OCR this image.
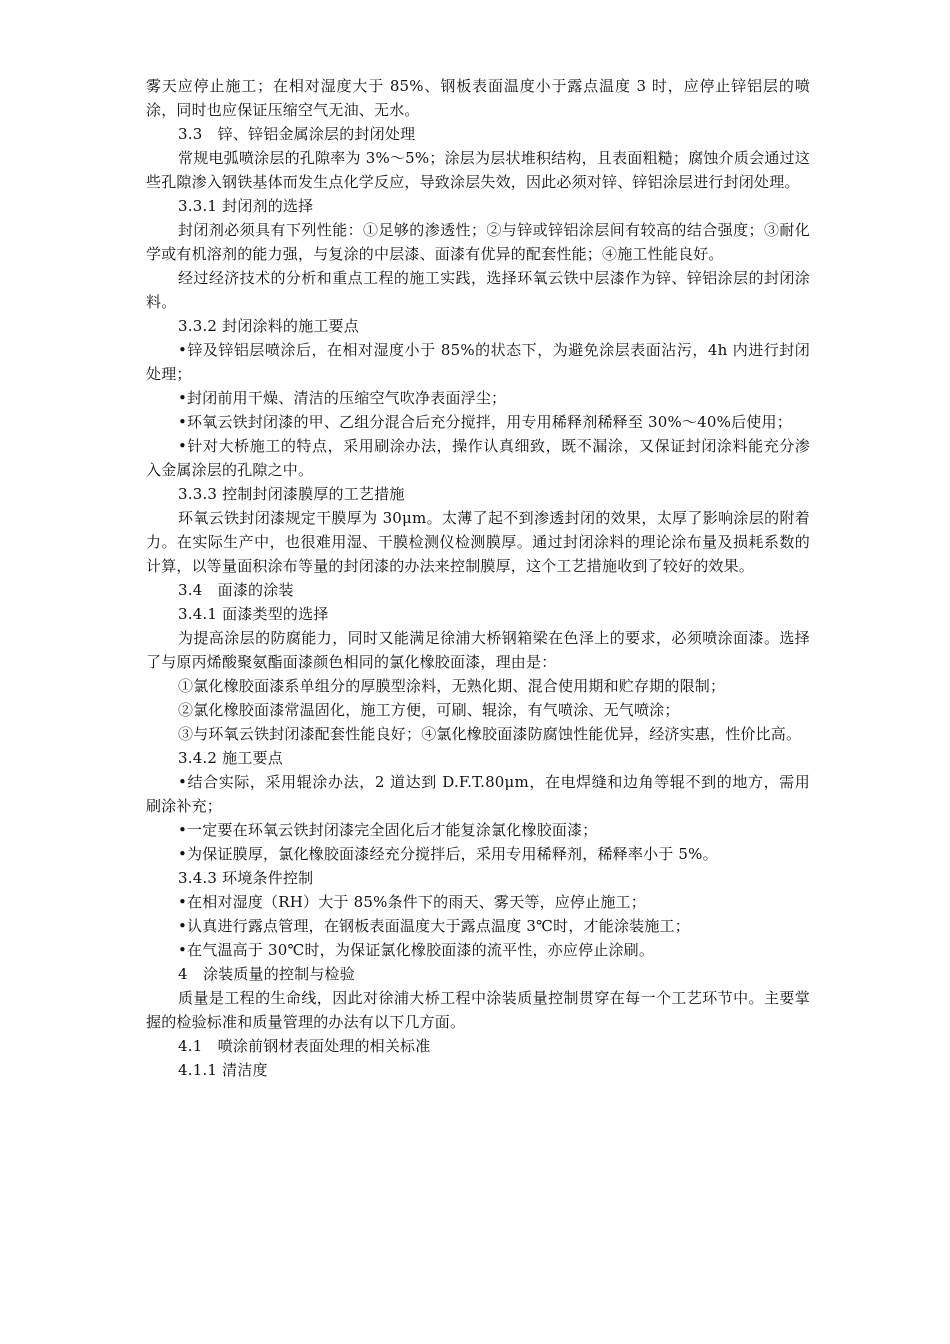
雾天应停止施工；在相对湿度大于 85%、钢板表面温度小于露点温度 3 时，应停止锌铝层的喷涂，同时也应保证压缩空气无油、无水。

3.3　锌、锌铝金属涂层的封闭处理

常规电弧喷涂层的孔隙率为 3%～5%；涂层为层状堆积结构，且表面粗糙；腐蚀介质会通过这些孔隙渗入钢铁基体而发生点化学反应，导致涂层失效，因此必须对锌、锌铝涂层进行封闭处理。

3.3.1 封闭剂的选择

封闭剂必须具有下列性能：①足够的渗透性；②与锌或锌铝涂层间有较高的结合强度；③耐化学或有机溶剂的能力强，与复涂的中层漆、面漆有优异的配套性能；④施工性能良好。

经过经济技术的分析和重点工程的施工实践，选择环氧云铁中层漆作为锌、锌铝涂层的封闭涂料。

3.3.2 封闭涂料的施工要点

•锌及锌铝层喷涂后，在相对湿度小于 85%的状态下，为避免涂层表面沾污，4h 内进行封闭处理；

•封闭前用干燥、清洁的压缩空气吹净表面浮尘；

•环氧云铁封闭漆的甲、乙组分混合后充分搅拌，用专用稀释剂稀释至 30%～40%后使用；

•针对大桥施工的特点，采用刷涂办法，操作认真细致，既不漏涂，又保证封闭涂料能充分渗入金属涂层的孔隙之中。

3.3.3 控制封闭漆膜厚的工艺措施

环氧云铁封闭漆规定干膜厚为 30μm。太薄了起不到渗透封闭的效果，太厚了影响涂层的附着力。在实际生产中，也很难用湿、干膜检测仪检测膜厚。通过封闭涂料的理论涂布量及损耗系数的计算，以等量面积涂布等量的封闭漆的办法来控制膜厚，这个工艺措施收到了较好的效果。

3.4　面漆的涂装

3.4.1 面漆类型的选择

为提高涂层的防腐能力，同时又能满足徐浦大桥钢箱梁在色泽上的要求，必须喷涂面漆。选择了与原丙烯酸聚氨酯面漆颜色相同的氯化橡胶面漆，理由是：

①氯化橡胶面漆系单组分的厚膜型涂料，无熟化期、混合使用期和贮存期的限制；

②氯化橡胶面漆常温固化，施工方便，可刷、辊涂，有气喷涂、无气喷涂；

③与环氧云铁封闭漆配套性能良好；④氯化橡胶面漆防腐蚀性能优异，经济实惠，性价比高。

3.4.2 施工要点

•结合实际，采用辊涂办法，2 道达到 D.F.T.80μm，在电焊缝和边角等辊不到的地方，需用刷涂补充；

•一定要在环氧云铁封闭漆完全固化后才能复涂氯化橡胶面漆；

•为保证膜厚，氯化橡胶面漆经充分搅拌后，采用专用稀释剂，稀释率小于 5%。

3.4.3 环境条件控制

•在相对湿度（RH）大于 85%条件下的雨天、雾天等，应停止施工；

•认真进行露点管理，在钢板表面温度大于露点温度 3℃时，才能涂装施工；

•在气温高于 30℃时，为保证氯化橡胶面漆的流平性，亦应停止涂刷。

4　涂装质量的控制与检验

质量是工程的生命线，因此对徐浦大桥工程中涂装质量控制贯穿在每一个工艺环节中。主要掌握的检验标准和质量管理的办法有以下几方面。

4.1　喷涂前钢材表面处理的相关标准

4.1.1 清洁度
